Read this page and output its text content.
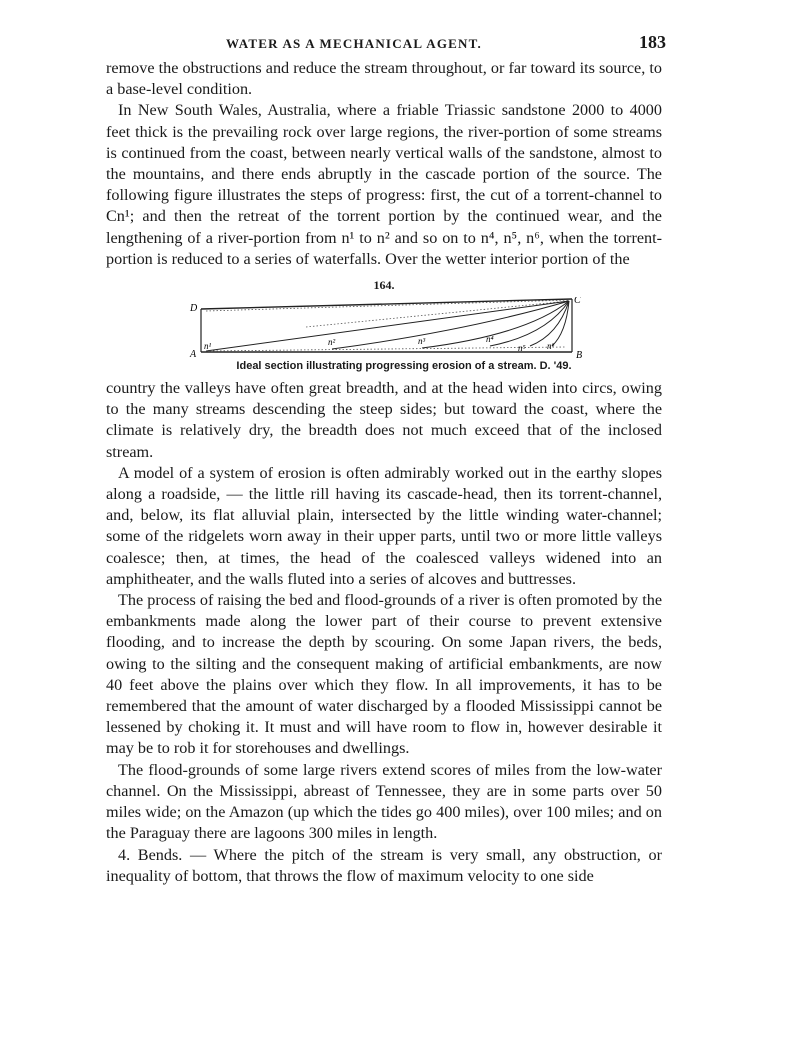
WATER AS A MECHANICAL AGENT.	183

remove the obstructions and reduce the stream throughout, or far toward its source, to a base-level condition.

In New South Wales, Australia, where a friable Triassic sandstone 2000 to 4000 feet thick is the prevailing rock over large regions, the river-portion of some streams is continued from the coast, between nearly vertical walls of the sandstone, almost to the mountains, and there ends abruptly in the cascade portion of the source. The following figure illustrates the steps of progress: first, the cut of a torrent-channel to Cn¹; and then the retreat of the torrent portion by the continued wear, and the lengthening of a river-portion from n¹ to n² and so on to n⁴, n⁵, n⁶, when the torrent-portion is reduced to a series of waterfalls. Over the wetter interior portion of the

164.
D
A
C
B
n¹	n²	n³	n⁴
n⁵ n⁶
Ideal section illustrating progressing erosion of a stream. D. '49.

country the valleys have often great breadth, and at the head widen into circs, owing to the many streams descending the steep sides; but toward the coast, where the climate is relatively dry, the breadth does not much exceed that of the inclosed stream.

A model of a system of erosion is often admirably worked out in the earthy slopes along a roadside, — the little rill having its cascade-head, then its torrent-channel, and, below, its flat alluvial plain, intersected by the little winding water-channel; some of the ridgelets worn away in their upper parts, until two or more little valleys coalesce; then, at times, the head of the coalesced valleys widened into an amphitheater, and the walls fluted into a series of alcoves and buttresses.

The process of raising the bed and flood-grounds of a river is often promoted by the embankments made along the lower part of their course to prevent extensive flooding, and to increase the depth by scouring. On some Japan rivers, the beds, owing to the silting and the consequent making of artificial embankments, are now 40 feet above the plains over which they flow. In all improvements, it has to be remembered that the amount of water discharged by a flooded Mississippi cannot be lessened by choking it. It must and will have room to flow in, however desirable it may be to rob it for storehouses and dwellings.

The flood-grounds of some large rivers extend scores of miles from the low-water channel. On the Mississippi, abreast of Tennessee, they are in some parts over 50 miles wide; on the Amazon (up which the tides go 400 miles), over 100 miles; and on the Paraguay there are lagoons 300 miles in length.

4. Bends. — Where the pitch of the stream is very small, any obstruction, or inequality of bottom, that throws the flow of maximum velocity to one side
